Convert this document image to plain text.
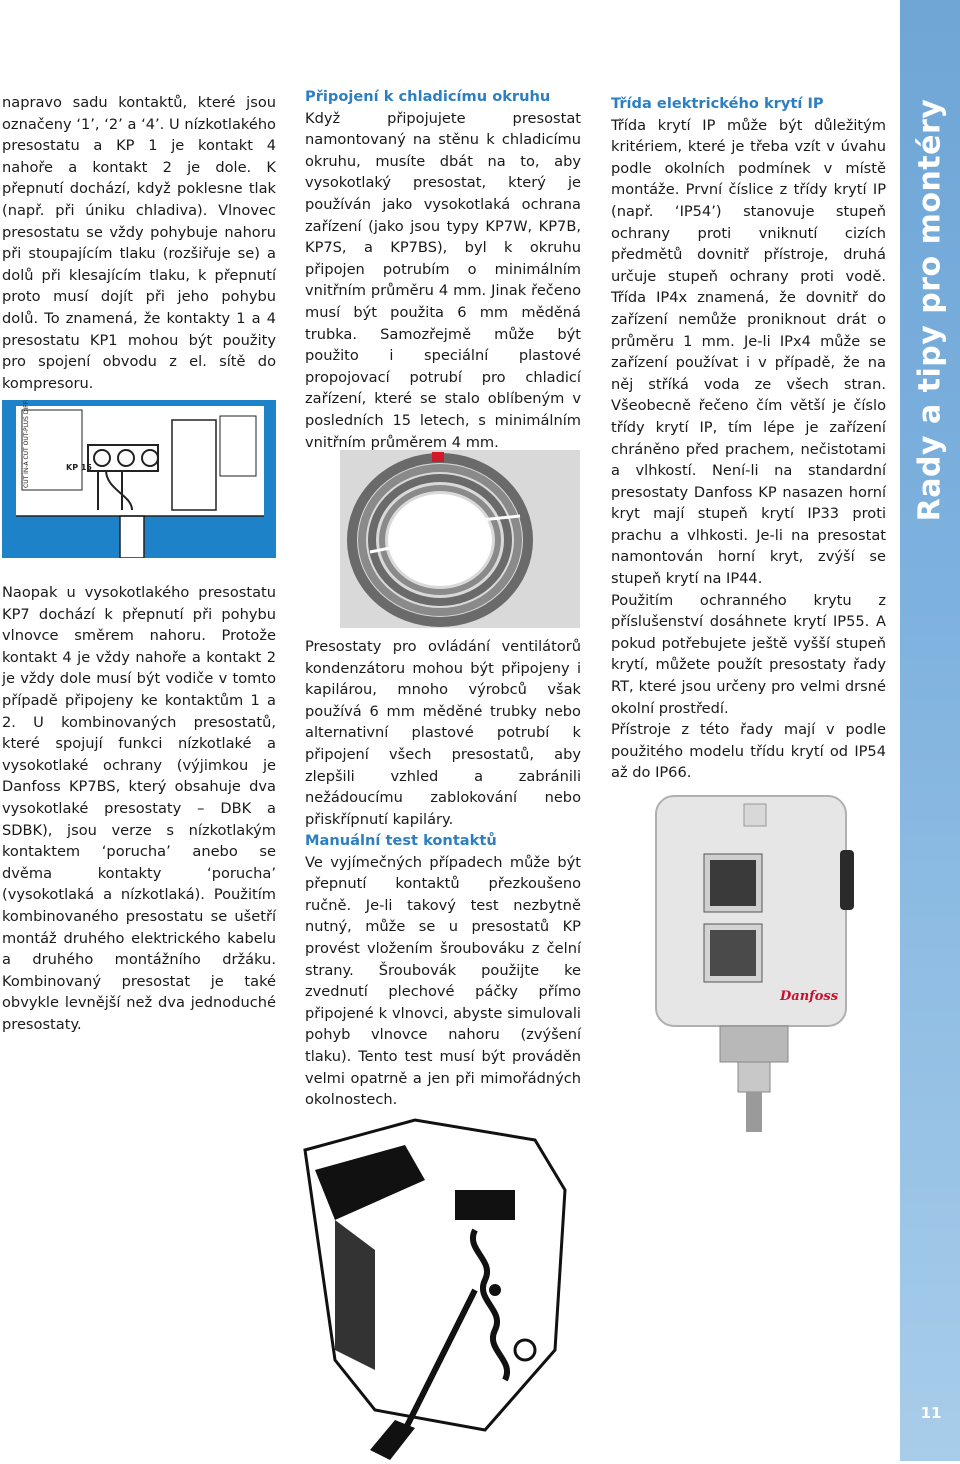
napravo sadu kontaktů, které jsou označeny ‘1’, ‘2’ a ‘4’. U nízkotlakého presostatu a KP 1 je kontakt 4 nahoře a kontakt 2 je dole. K přepnutí dochází, když poklesne tlak (např. při úniku chladiva). Vlnovec presostatu se vždy pohybuje nahoru při stoupajícím tlaku (rozšiřuje se) a dolů při klesajícím tlaku, k přepnutí proto musí dojít při jeho pohybu dolů. To znamená, že kontakty 1 a 4 presostatu KP1 mohou být použity pro spojení obvodu z el. sítě do kompresoru.

CUT IN-A CUT OUT-PLUS DIFFERENTIAL	KP 15

Naopak u vysokotlakého presostatu KP7 dochází k přepnutí při pohybu vlnovce směrem nahoru. Protože kontakt 4 je vždy nahoře a kontakt 2 je vždy dole musí být vodiče v tomto případě připojeny ke kontaktům 1 a 2. U kombinovaných presostatů, které spojují funkci nízkotlaké a vysokotlaké ochrany (výjimkou je Danfoss KP7BS, který obsahuje dva vysokotlaké presostaty – DBK a SDBK), jsou verze s nízkotlakým kontaktem ‘porucha’ anebo se dvěma kontakty ‘porucha’ (vysokotlaká a nízkotlaká). Použitím kombinovaného presostatu se ušetří montáž druhého elektrického kabelu a druhého montážního držáku. Kombinovaný presostat je také obvykle levnější než dva jednoduché presostaty.

Připojení k chladicímu okruhu

Když připojujete presostat namontovaný na stěnu k chladicímu okruhu, musíte dbát na to, aby vysokotlaký presostat, který je používán jako vysokotlaká ochrana zařízení (jako jsou typy KP7W, KP7B, KP7S, a KP7BS), byl k okruhu připojen potrubím o minimálním vnitřním průměru 4 mm. Jinak řečeno musí být použita 6 mm měděná trubka. Samozřejmě může být použito i speciální plastové propojovací potrubí pro chladicí zařízení, které se stalo oblíbeným v posledních 15 letech, s minimálním vnitřním průměrem 4 mm.

Presostaty pro ovládání ventilátorů kondenzátoru mohou být připojeny i kapilárou, mnoho výrobců však používá 6 mm měděné trubky nebo alternativní plastové potrubí k připojení všech presostatů, aby zlepšili vzhled a zabránili nežádoucímu zablokování nebo přiskřípnutí kapiláry.

Manuální test kontaktů

Ve vyjímečných případech může být přepnutí kontaktů přezkoušeno ručně. Je-li takový test nezbytně nutný, může se u presostatů KP provést vložením šroubováku z čelní strany. Šroubovák použijte ke zvednutí plechové páčky přímo připojené k vlnovci, abyste simulovali pohyb vlnovce nahoru (zvýšení tlaku). Tento test musí být prováděn velmi opatrně a jen při mimořádných okolnostech.

Třída elektrického krytí IP

Třída krytí IP může být důležitým kritériem, které je třeba vzít v úvahu podle okolních podmínek v místě montáže. První číslice z třídy krytí IP (např. ‘IP54’) stanovuje stupeň ochrany proti vniknutí cizích předmětů dovnitř přístroje, druhá určuje stupeň ochrany proti vodě. Třída IP4x znamená, že dovnitř do zařízení nemůže proniknout drát o průměru 1 mm. Je-li IPx4 může se zařízení používat i v případě, že na něj stříká voda ze všech stran. Všeobecně řečeno čím větší je číslo třídy krytí IP, tím lépe je zařízení chráněno před prachem, nečistotami a vlhkostí. Není-li na standardní presostaty Danfoss KP nasazen horní kryt mají stupeň krytí IP33 proti prachu a vlhkosti. Je-li na presostat namontován horní kryt, zvýší se stupeň krytí na IP44.

Použitím ochranného krytu z příslušenství dosáhnete krytí IP55. A pokud potřebujete ještě vyšší stupeň krytí, můžete použít presostaty řady RT, které jsou určeny pro velmi drsné okolní prostředí.

Přístroje z této řady mají v podle použitého modelu třídu krytí od IP54 až do IP66.

Danfoss
Rady a tipy pro montéry
11
